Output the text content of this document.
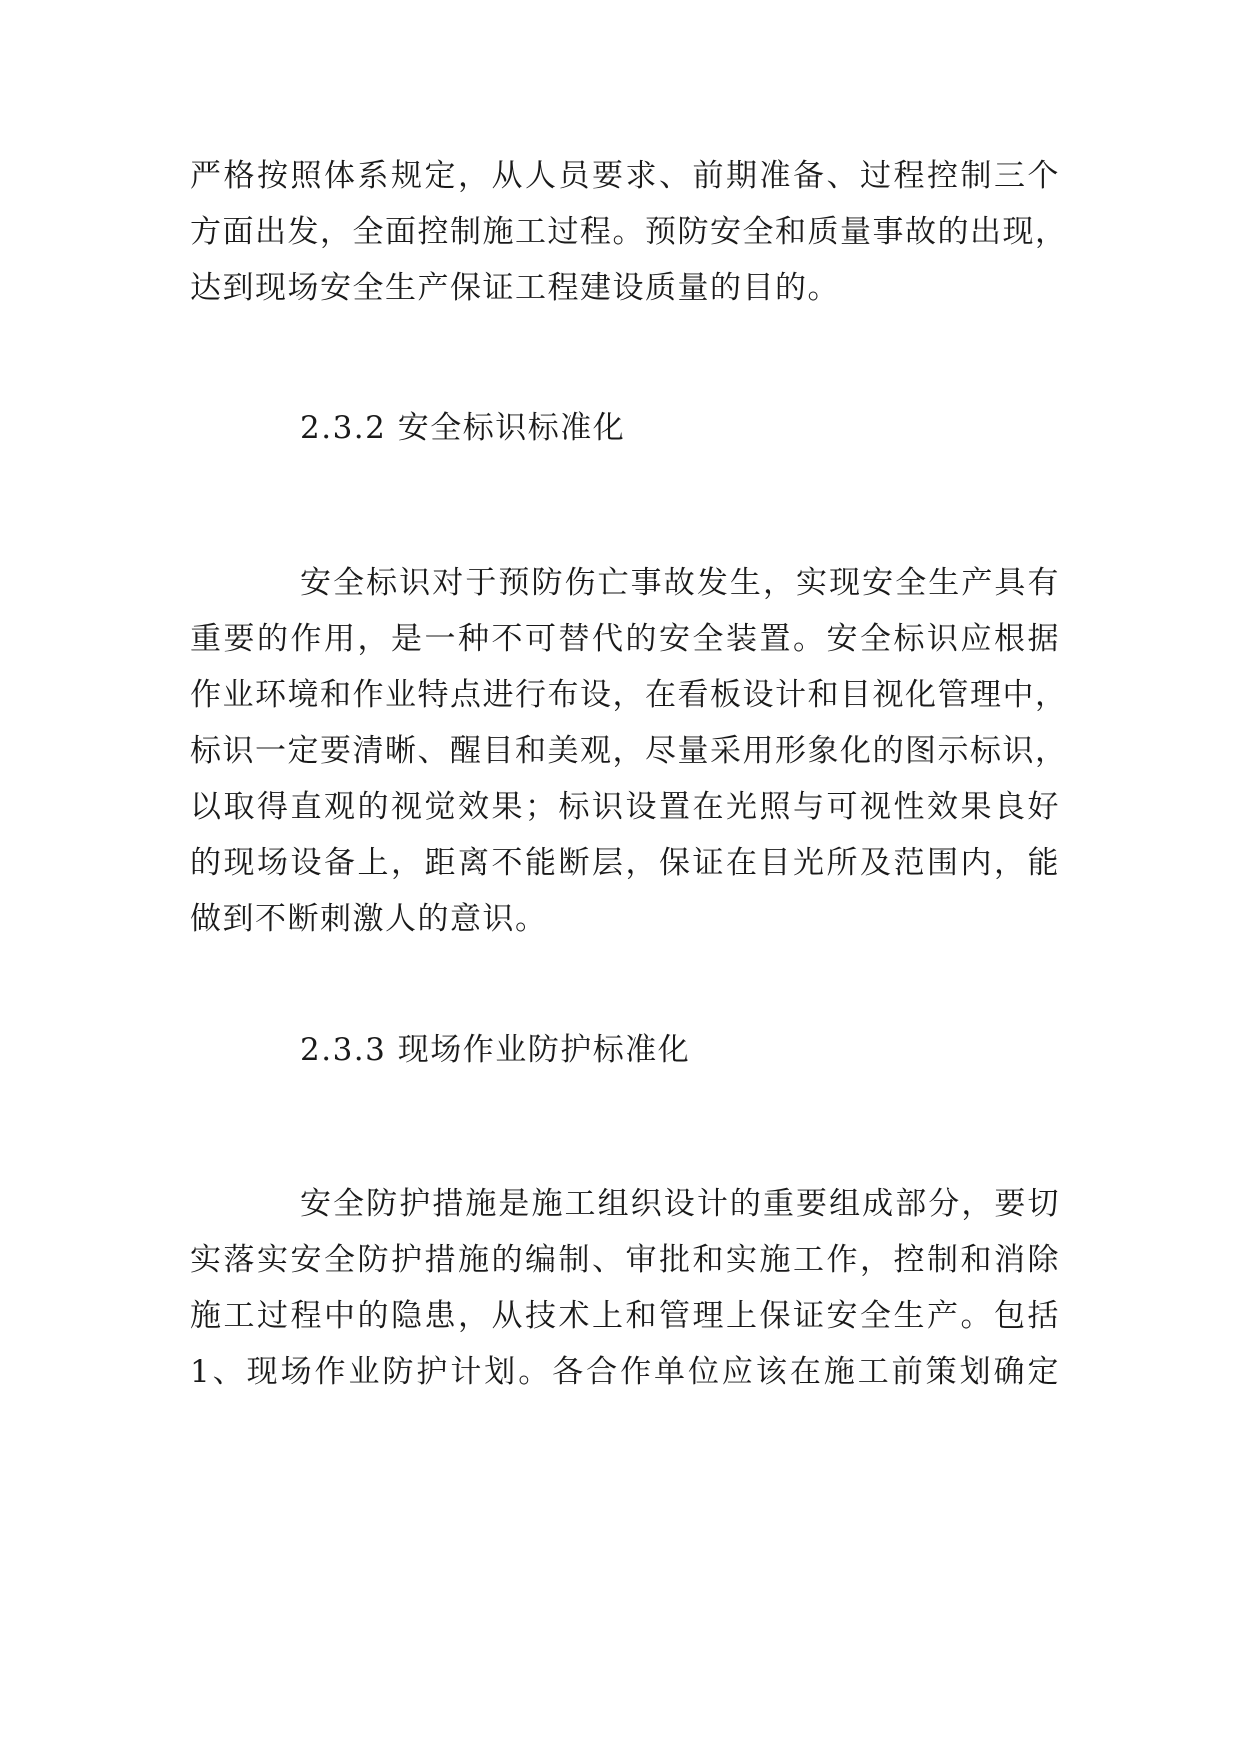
严格按照体系规定，从人员要求、前期准备、过程控制三个
方面出发，全面控制施工过程。预防安全和质量事故的出现，
达到现场安全生产保证工程建设质量的目的。
2.3.2 安全标识标准化
安全标识对于预防伤亡事故发生，实现安全生产具有
重要的作用，是一种不可替代的安全装置。安全标识应根据
作业环境和作业特点进行布设，在看板设计和目视化管理中，
标识一定要清晰、醒目和美观，尽量采用形象化的图示标识，
以取得直观的视觉效果；标识设置在光照与可视性效果良好
的现场设备上，距离不能断层，保证在目光所及范围内，能
做到不断刺激人的意识。
2.3.3 现场作业防护标准化
安全防护措施是施工组织设计的重要组成部分，要切
实落实安全防护措施的编制、审批和实施工作，控制和消除
施工过程中的隐患，从技术上和管理上保证安全生产。包括
1、现场作业防护计划。各合作单位应该在施工前策划确定
